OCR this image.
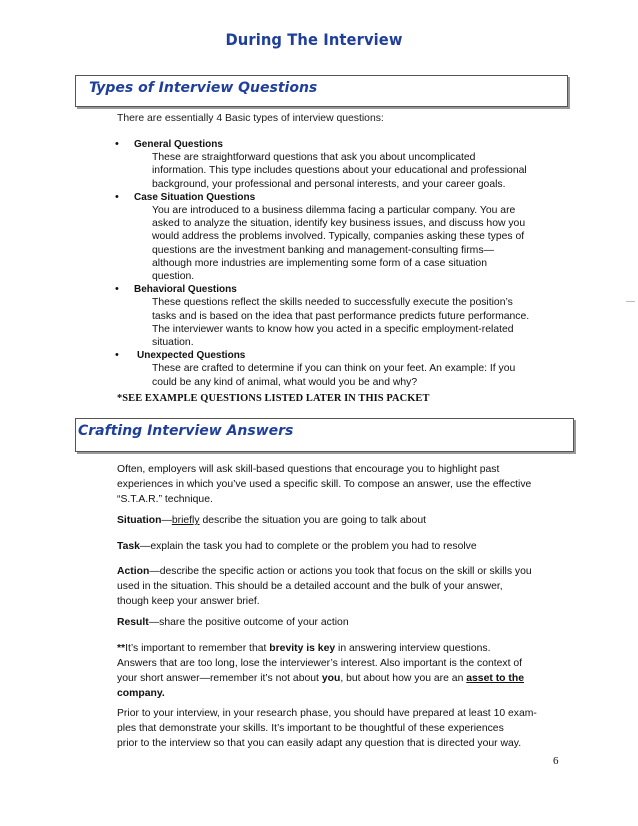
During The Interview
Types of Interview Questions
There are essentially 4 Basic types of interview questions:
• General Questions
These are straightforward questions that ask you about uncomplicated
information. This type includes questions about your educational and professional
background, your professional and personal interests, and your career goals.
• Case Situation Questions
You are introduced to a business dilemma facing a particular company. You are
asked to analyze the situation, identify key business issues, and discuss how you
would address the problems involved. Typically, companies asking these types of
questions are the investment banking and management-consulting firms—
although more industries are implementing some form of a case situation
question.
• Behavioral Questions
These questions reflect the skills needed to successfully execute the position’s
tasks and is based on the idea that past performance predicts future performance.
The interviewer wants to know how you acted in a specific employment-related
situation.
• Unexpected Questions
These are crafted to determine if you can think on your feet. An example: If you
could be any kind of animal, what would you be and why?
*SEE EXAMPLE QUESTIONS LISTED LATER IN THIS PACKET
Crafting Interview Answers
Often, employers will ask skill-based questions that encourage you to highlight past
experiences in which you’ve used a specific skill. To compose an answer, use the effective
“S.T.A.R.” technique.
Situation—briefly describe the situation you are going to talk about
Task—explain the task you had to complete or the problem you had to resolve
Action—describe the specific action or actions you took that focus on the skill or skills you
used in the situation. This should be a detailed account and the bulk of your answer,
though keep your answer brief.
Result—share the positive outcome of your action
**It’s important to remember that brevity is key in answering interview questions.
Answers that are too long, lose the interviewer’s interest. Also important is the context of
your short answer—remember it’s not about you, but about how you are an asset to the
company.
Prior to your interview, in your research phase, you should have prepared at least 10 exam-
ples that demonstrate your skills. It’s important to be thoughtful of these experiences
prior to the interview so that you can easily adapt any question that is directed your way.
6
